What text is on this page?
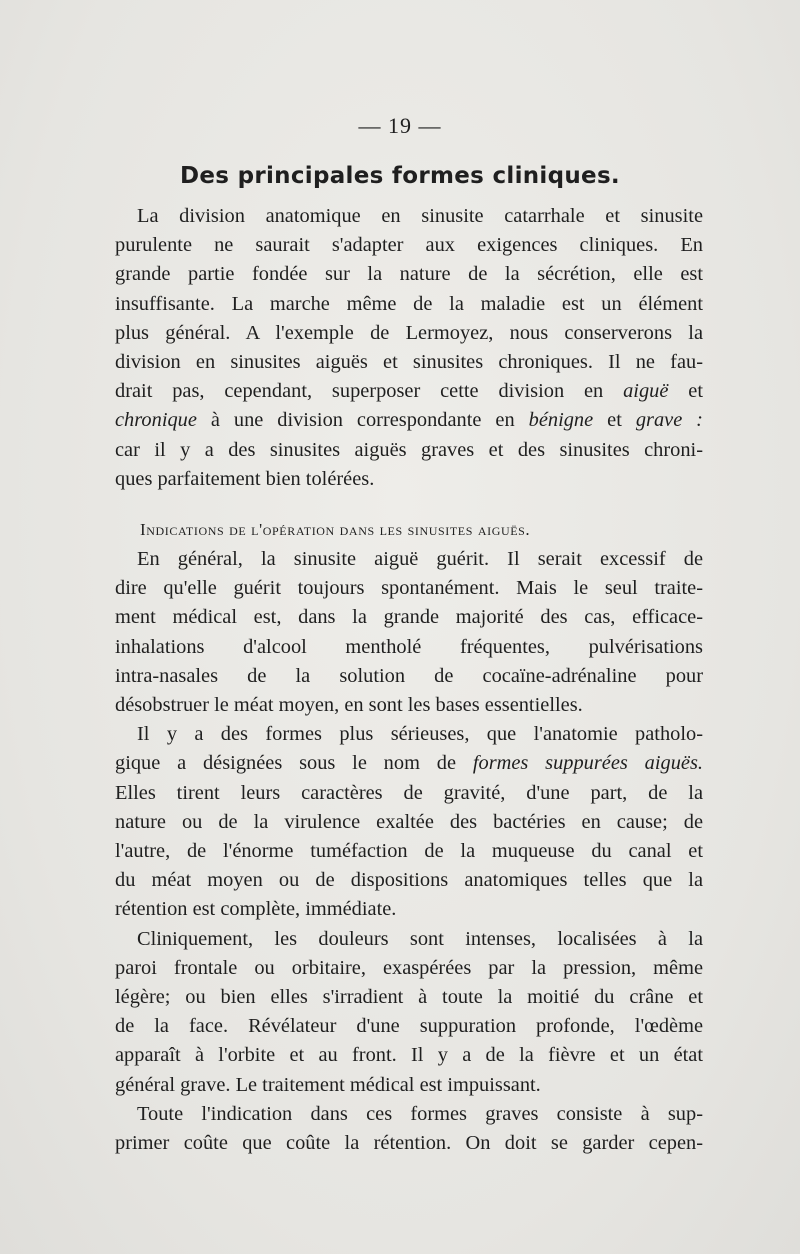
— 19 —
Des principales formes cliniques.
La division anatomique en sinusite catarrhale et sinusite
purulente ne saurait s'adapter aux exigences cliniques. En
grande partie fondée sur la nature de la sécrétion, elle est
insuffisante. La marche même de la maladie est un élément
plus général. A l'exemple de Lermoyez, nous conserverons la
division en sinusites aiguës et sinusites chroniques. Il ne fau-
drait pas, cependant, superposer cette division en aiguë et
chronique à une division correspondante en bénigne et grave :
car il y a des sinusites aiguës graves et des sinusites chroni-
ques parfaitement bien tolérées.
Indications de l'opération dans les sinusites aiguës.
En général, la sinusite aiguë guérit. Il serait excessif de
dire qu'elle guérit toujours spontanément. Mais le seul traite-
ment médical est, dans la grande majorité des cas, efficace-
inhalations d'alcool mentholé fréquentes, pulvérisations
intra-nasales de la solution de cocaïne-adrénaline pour
désobstruer le méat moyen, en sont les bases essentielles.
Il y a des formes plus sérieuses, que l'anatomie patholo-
gique a désignées sous le nom de formes suppurées aiguës.
Elles tirent leurs caractères de gravité, d'une part, de la
nature ou de la virulence exaltée des bactéries en cause; de
l'autre, de l'énorme tuméfaction de la muqueuse du canal et
du méat moyen ou de dispositions anatomiques telles que la
rétention est complète, immédiate.
Cliniquement, les douleurs sont intenses, localisées à la
paroi frontale ou orbitaire, exaspérées par la pression, même
légère; ou bien elles s'irradient à toute la moitié du crâne et
de la face. Révélateur d'une suppuration profonde, l'œdème
apparaît à l'orbite et au front. Il y a de la fièvre et un état
général grave. Le traitement médical est impuissant.
Toute l'indication dans ces formes graves consiste à sup-
primer coûte que coûte la rétention. On doit se garder cepen-
